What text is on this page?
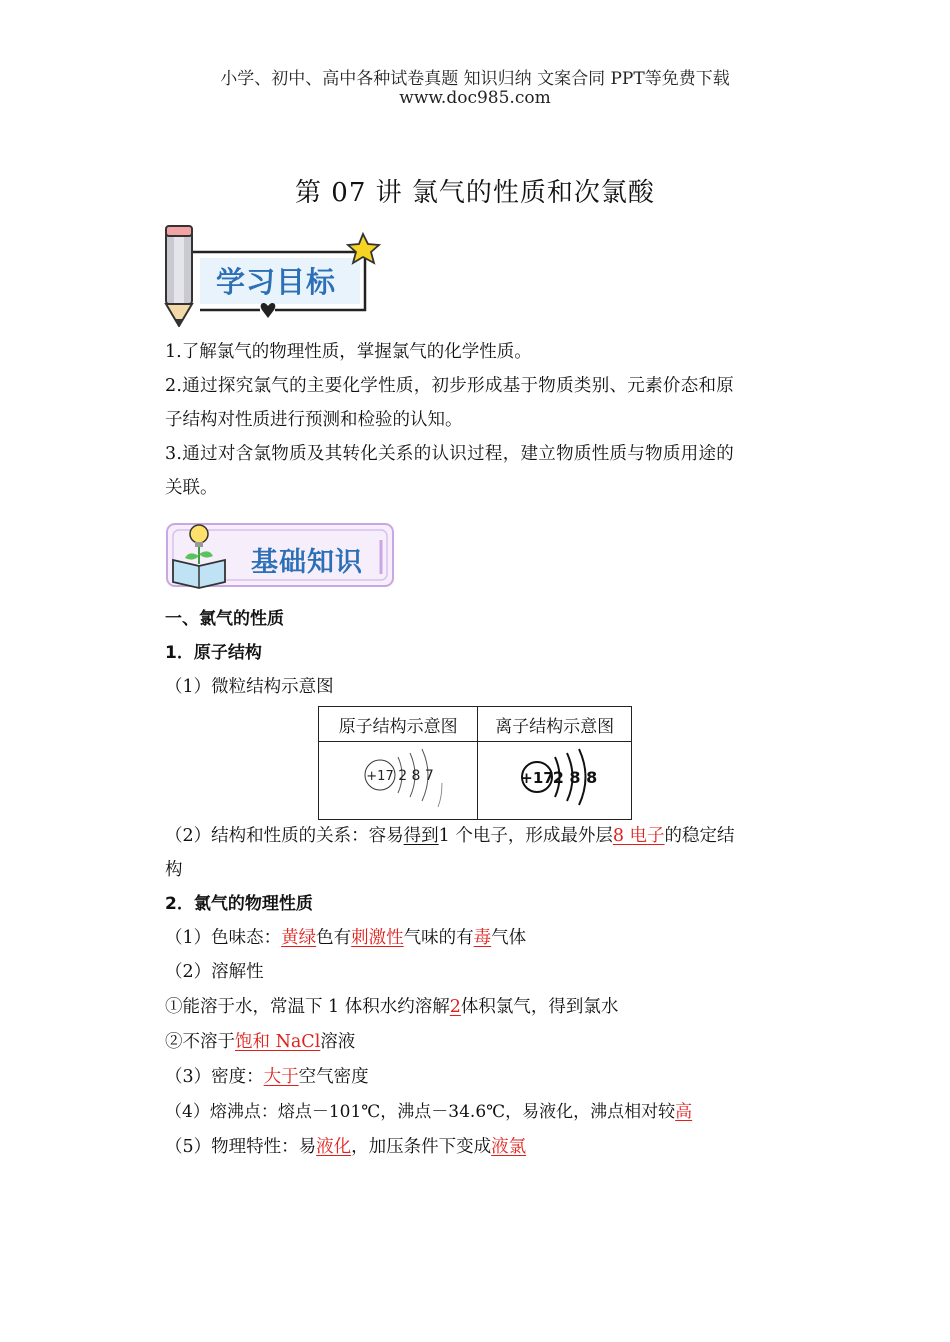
小学、初中、高中各种试卷真题 知识归纳 文案合同 PPT等免费下载
www.doc985.com
第 07 讲 氯气的性质和次氯酸
学习目标
1.了解氯气的物理性质，掌握氯气的化学性质。
2.通过探究氯气的主要化学性质，初步形成基于物质类别、元素价态和原
子结构对性质进行预测和检验的认知。
3.通过对含氯物质及其转化关系的认识过程，建立物质性质与物质用途的
关联。
基础知识
一、氯气的性质
1．原子结构
（1）微粒结构示意图
原子结构示意图	离子结构示意图

+17 2 8 7	+17 2 8 8
（2）结构和性质的关系：容易得到1 个电子，形成最外层8 电子的稳定结
构
2．氯气的物理性质
（1）色味态：黄绿色有刺激性气味的有毒气体
（2）溶解性
①能溶于水，常温下 1 体积水约溶解2体积氯气，得到氯水
②不溶于饱和 NaCl溶液
（3）密度：大于空气密度
（4）熔沸点：熔点－101℃，沸点－34.6℃，易液化，沸点相对较高
（5）物理特性：易液化，加压条件下变成液氯
